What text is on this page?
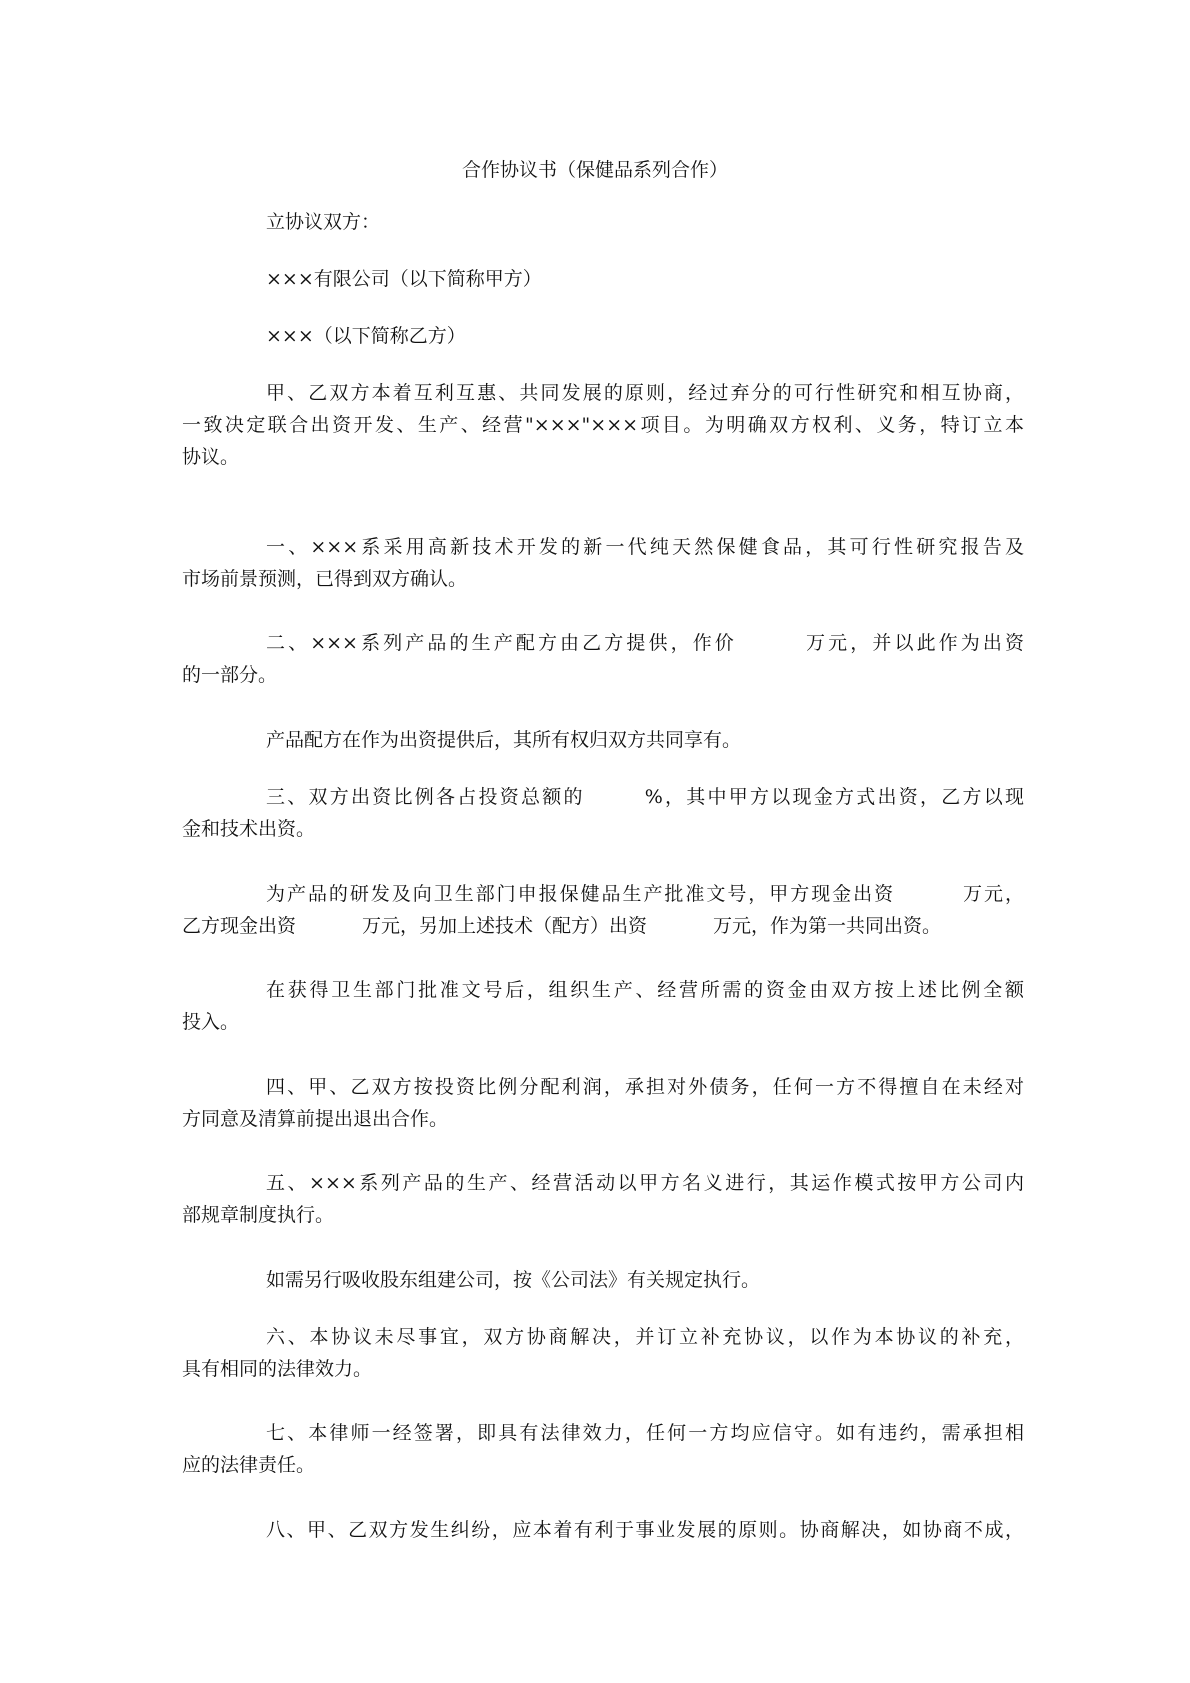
合作协议书（保健品系列合作）
立协议双方：
×××有限公司（以下简称甲方）
×××（以下简称乙方）
甲、乙双方本着互利互惠、共同发展的原则，经过弃分的可行性研究和相互协商，
一致决定联合出资开发、生产、经营"×××"×××项目。为明确双方权利、义务，特订立本
协议。
一、×××系采用高新技术开发的新一代纯天然保健食品，其可行性研究报告及
市场前景预测，已得到双方确认。
二、×××系列产品的生产配方由乙方提供，作价	万元，并以此作为出资
的一部分。
产品配方在作为出资提供后，其所有权归双方共同享有。
三、双方出资比例各占投资总额的	%，其中甲方以现金方式出资，乙方以现
金和技术出资。
为产品的研发及向卫生部门申报保健品生产批准文号，甲方现金出资	万元，
乙方现金出资	万元，另加上述技术（配方）出资	万元，作为第一共同出资。
在获得卫生部门批准文号后，组织生产、经营所需的资金由双方按上述比例全额
投入。
四、甲、乙双方按投资比例分配利润，承担对外债务，任何一方不得擅自在未经对
方同意及清算前提出退出合作。
五、×××系列产品的生产、经营活动以甲方名义进行，其运作模式按甲方公司内
部规章制度执行。
如需另行吸收股东组建公司，按《公司法》有关规定执行。
六、本协议未尽事宜，双方协商解决，并订立补充协议，以作为本协议的补充，
具有相同的法律效力。
七、本律师一经签署，即具有法律效力，任何一方均应信守。如有违约，需承担相
应的法律责任。
八、甲、乙双方发生纠纷，应本着有利于事业发展的原则。协商解决，如协商不成，
